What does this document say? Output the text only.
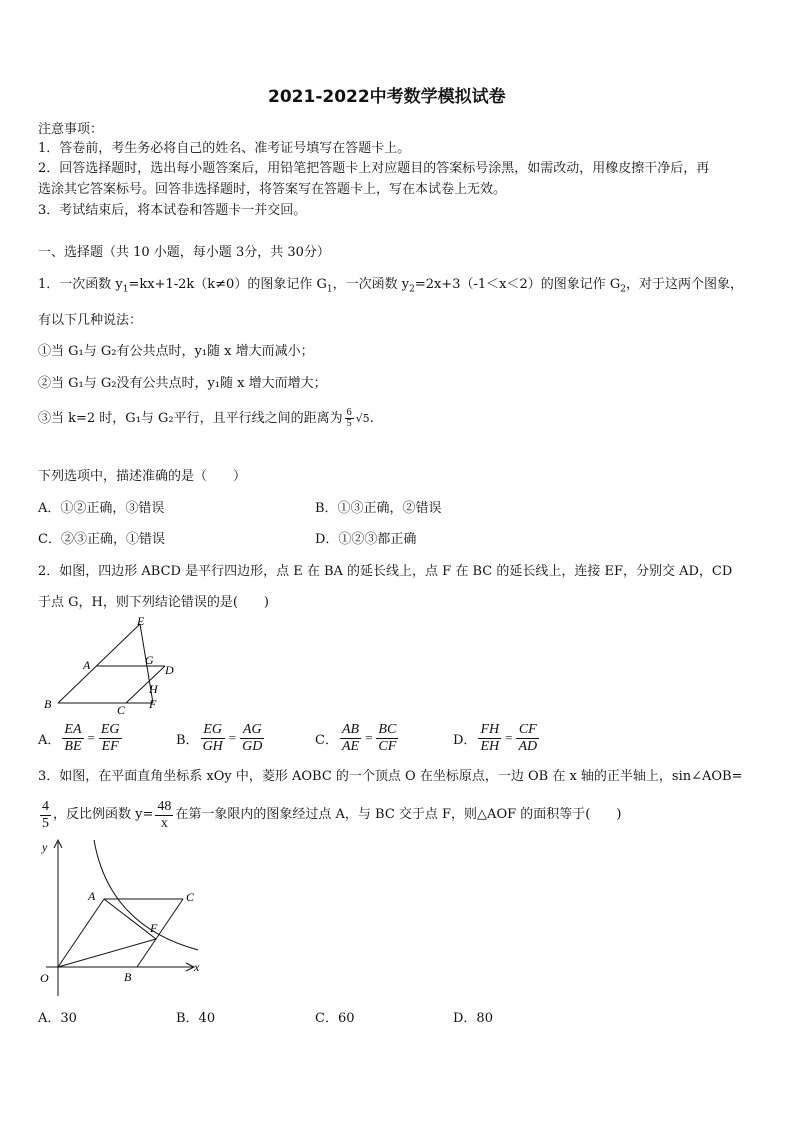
2021-2022中考数学模拟试卷
注意事项：
1．答卷前，考生务必将自己的姓名、准考证号填写在答题卡上。
2．回答选择题时，选出每小题答案后，用铅笔把答题卡上对应题目的答案标号涂黑，如需改动，用橡皮擦干净后，再
选涂其它答案标号。回答非选择题时，将答案写在答题卡上，写在本试卷上无效。
3．考试结束后，将本试卷和答题卡一并交回。
一、选择题（共 10 小题，每小题 3分，共 30分）
1．一次函数 $y_1=kx+1-2k(k\ne 0)$的图象记作 $G_1$，一次函数 $y_2=2x+3(-1<x<2)$的图象记作 $G_2$，对于这两个图象，
有以下几种说法：
①当 G₁与 G₂有公共点时，y₁随 x 增大而减小；
②当 G₁与 G₂没有公共点时，y₁随 x 增大而增大；
③当 k=2 时，G₁与 G₂平行，且平行线之间的距离为 $\frac{6}{5} √5$.
下列选项中，描述准确的是（　　）
A．①②正确，③错误	B．①③正确，②错误
C．②③正确，①错误	D．①②③都正确
2．如图，四边形 ABCD 是平行四边形，点 E 在 BA 的延长线上，点 F 在 BC 的延长线上，连接 EF，分别交 AD，CD
于点 G，H，则下列结论错误的是(　　)
E
A	G
D
H
B	C F
A． $\frac{EA}{BE} = \frac{EG}{EF}$	B． $\frac{EG}{GH} = \frac{AG}{GD}$	C． $\frac{AB}{AE} = \frac{BC}{CF}$	D． $\frac{FH}{EH} = \frac{CF}{AD}$
3．如图，在平面直角坐标系 xOy 中，菱形 AOBC 的一个顶点 O 在坐标原点，一边 OB 在 x 轴的正半轴上，sin∠AOB=
$\frac{4}{5}$ ，反比例函数 $y= \frac{48}{x}$ 在第一象限内的图象经过点 A，与 BC 交于点 F，则△AOF 的面积等于(　　)
y
x
O
A	C
F
B
A．30	B．40	C．60	D．80
